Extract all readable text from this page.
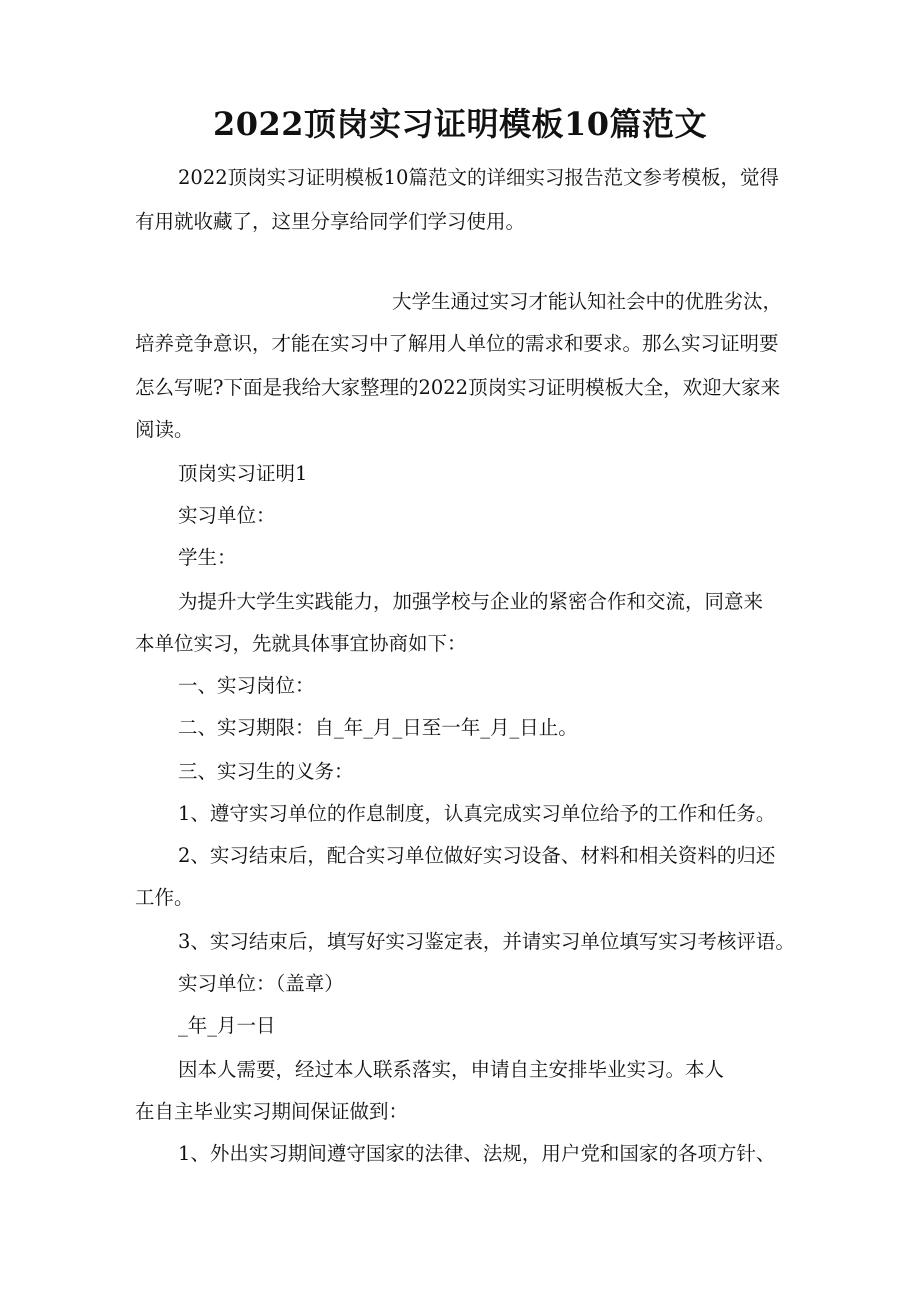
2022顶岗实习证明模板10篇范文
2022顶岗实习证明模板10篇范文的详细实习报告范文参考模板，觉得
有用就收藏了，这里分享给同学们学习使用。
大学生通过实习才能认知社会中的优胜劣汰，
培养竞争意识，才能在实习中了解用人单位的需求和要求。那么实习证明要
怎么写呢?下面是我给大家整理的2022顶岗实习证明模板大全，欢迎大家来
阅读。
顶岗实习证明1
实习单位：
学生：
为提升大学生实践能力，加强学校与企业的紧密合作和交流，同意来
本单位实习，先就具体事宜协商如下：
一、实习岗位：
二、实习期限：自_年_月_日至一年_月_日止。
三、实习生的义务：
1、遵守实习单位的作息制度，认真完成实习单位给予的工作和任务。
2、实习结束后，配合实习单位做好实习设备、材料和相关资料的归还
工作。
3、实习结束后，填写好实习鉴定表，并请实习单位填写实习考核评语。
实习单位：（盖章）
_年_月一日
因本人需要，经过本人联系落实，申请自主安排毕业实习。本人
在自主毕业实习期间保证做到：
1、外出实习期间遵守国家的法律、法规，用户党和国家的各项方针、
